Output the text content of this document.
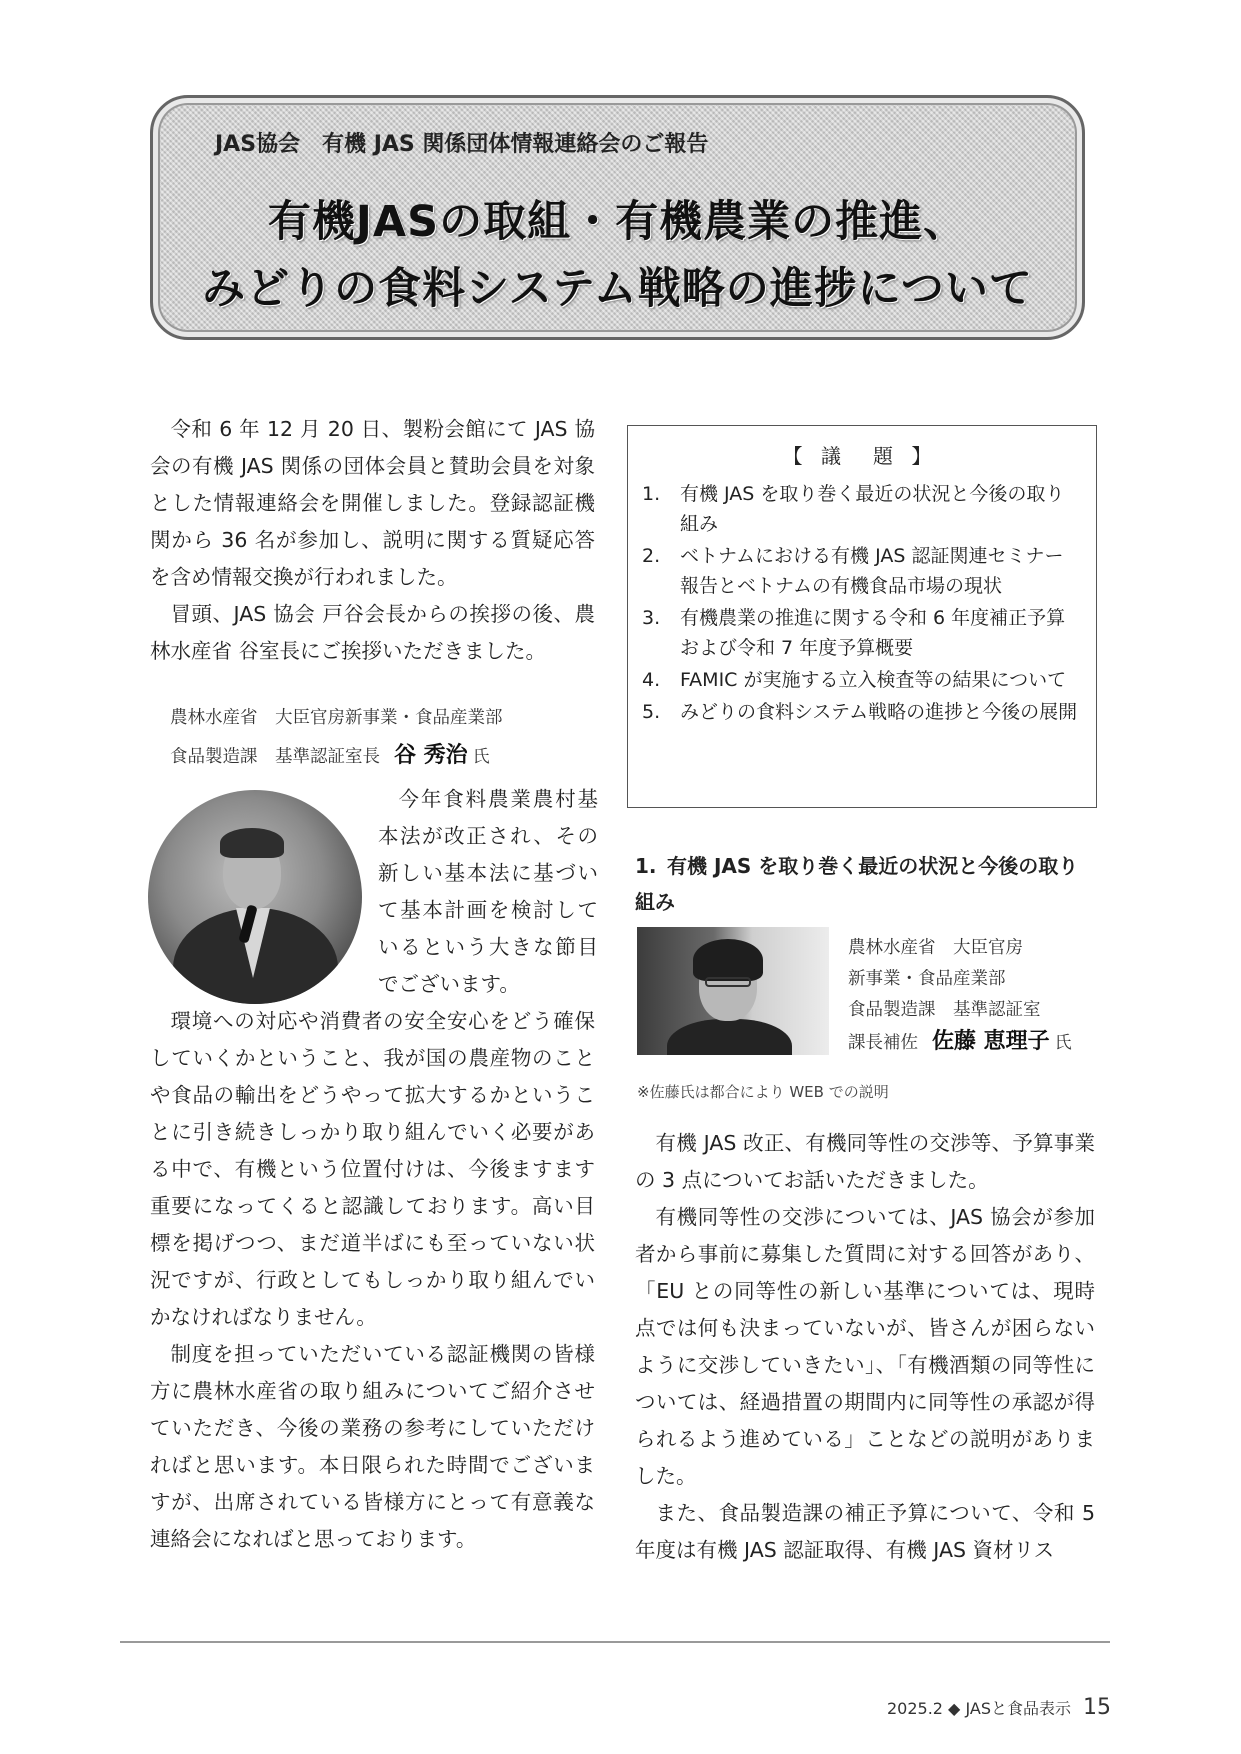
JAS協会　有機 JAS 関係団体情報連絡会のご報告
有機JASの取組・有機農業の推進、
みどりの食料システム戦略の進捗について

令和 6 年 12 月 20 日、製粉会館にて JAS 協会の有機 JAS 関係の団体会員と賛助会員を対象とした情報連絡会を開催しました。登録認証機関から 36 名が参加し、説明に関する質疑応答を含め情報交換が行われました。

冒頭、JAS 協会 戸谷会長からの挨拶の後、農林水産省 谷室長にご挨拶いただきました。

農林水産省　大臣官房新事業・食品産業部
食品製造課　基準認証室長 谷 秀治 氏

今年食料農業農村基本法が改正され、その新しい基本法に基づいて基本計画を検討しているという大きな節目でございます。

環境への対応や消費者の安全安心をどう確保していくかということ、我が国の農産物のことや食品の輸出をどうやって拡大するかということに引き続きしっかり取り組んでいく必要がある中で、有機という位置付けは、今後ますます重要になってくると認識しております。高い目標を掲げつつ、まだ道半ばにも至っていない状況ですが、行政としてもしっかり取り組んでいかなければなりません。

制度を担っていただいている認証機関の皆様方に農林水産省の取り組みについてご紹介させていただき、今後の業務の参考にしていただければと思います。本日限られた時間でございますが、出席されている皆様方にとって有意義な連絡会になればと思っております。

【 議　題 】
1.	有機 JAS を取り巻く最近の状況と今後の取り組み
2.	ベトナムにおける有機 JAS 認証関連セミナー報告とベトナムの有機食品市場の現状
3.	有機農業の推進に関する令和 6 年度補正予算および令和 7 年度予算概要
4.	FAMIC が実施する立入検査等の結果について
5.	みどりの食料システム戦略の進捗と今後の展開
1. 有機 JAS を取り巻く最近の状況と今後の取り組み
農林水産省　大臣官房
新事業・食品産業部
食品製造課　基準認証室
課長補佐 佐藤 恵理子 氏
※佐藤氏は都合により WEB での説明

有機 JAS 改正、有機同等性の交渉等、予算事業の 3 点についてお話いただきました。

有機同等性の交渉については、JAS 協会が参加者から事前に募集した質問に対する回答があり、「EU との同等性の新しい基準については、現時点では何も決まっていないが、皆さんが困らないように交渉していきたい」、「有機酒類の同等性については、経過措置の期間内に同等性の承認が得られるよう進めている」ことなどの説明がありました。

また、食品製造課の補正予算について、令和 5 年度は有機 JAS 認証取得、有機 JAS 資材リス

2025.2 ◆ JASと食品表示 15
